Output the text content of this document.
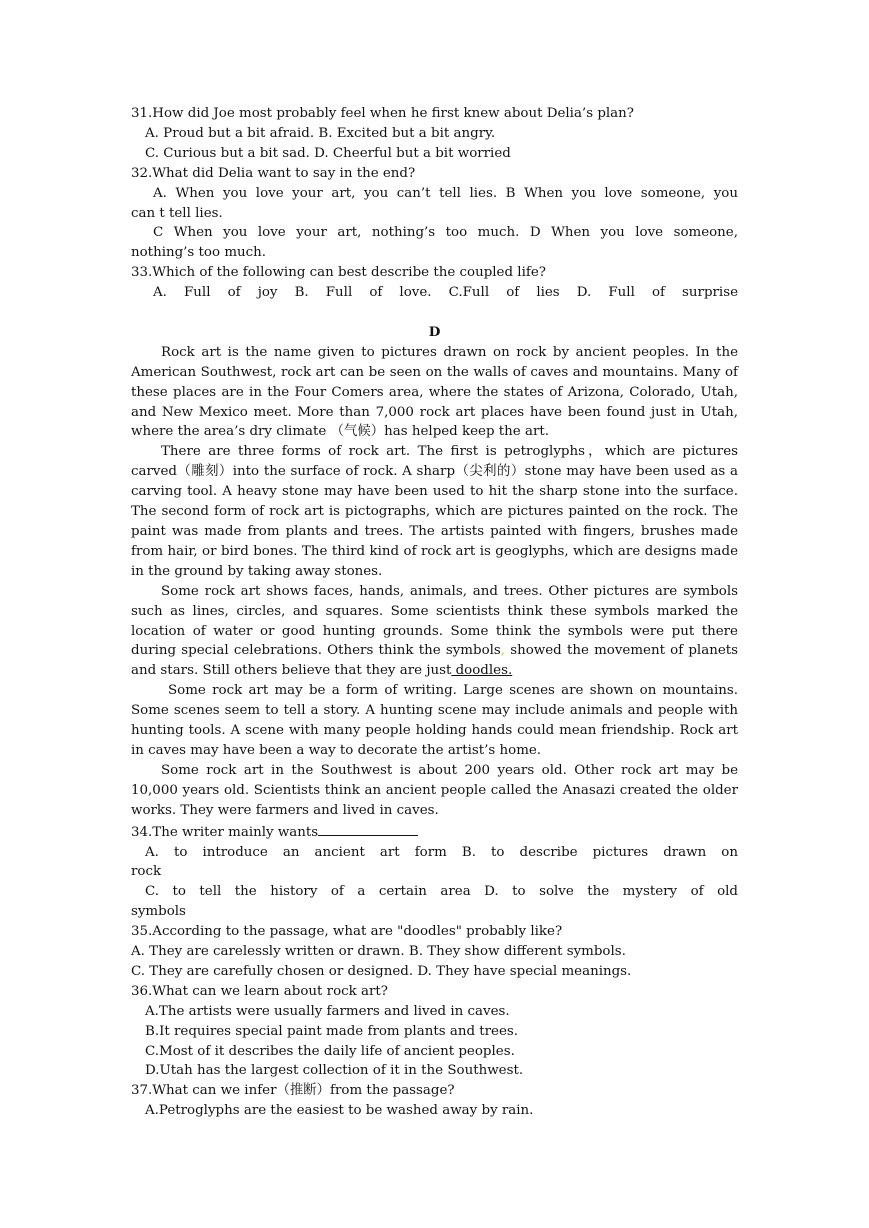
31.How did Joe most probably feel when he first knew about Delia’s plan?
A. Proud but a bit afraid. B. Excited but a bit angry.
C. Curious but a bit sad. D. Cheerful but a bit worried
32.What did Delia want to say in the end?
A. When you love your art, you can’t tell lies. B When you love someone, you
can t tell lies.
C When you love your art, nothing’s too much. D When you love someone,
nothing’s too much.
33.Which of the following can best describe the coupled life?
A. Full of joy B. Full of love. C.Full of lies D. Full of surprise
D
Rock art is the name given to pictures drawn on rock by ancient peoples. In the American Southwest, rock art can be seen on the walls of caves and mountains. Many of these places are in the Four Comers area, where the states of Arizona, Colorado, Utah, and New Mexico meet. More than 7,000 rock art places have been found just in Utah, where the area’s dry climate （气候）has helped keep the art.
There are three forms of rock art. The first is petroglyphs，which are pictures carved（雕刻）into the surface of rock. A sharp（尖利的）stone may have been used as a carving tool. A heavy stone may have been used to hit the sharp stone into the surface. The second form of rock art is pictographs, which are pictures painted on the rock. The paint was made from plants and trees. The artists painted with fingers, brushes made from hair, or bird bones. The third kind of rock art is geoglyphs, which are designs made in the ground by taking away stones.
Some rock art shows faces, hands, animals, and trees. Other pictures are symbols such as lines, circles, and squares. Some scientists think these symbols marked the location of water or good hunting grounds. Some think the symbols were put there during special celebrations. Others think the symbols, showed the movement of planets and stars. Still others believe that they are just doodles.
Some rock art may be a form of writing. Large scenes are shown on mountains. Some scenes seem to tell a story. A hunting scene may include animals and people with hunting tools. A scene with many people holding hands could mean friendship. Rock art in caves may have been a way to decorate the artist’s home.
Some rock art in the Southwest is about 200 years old. Other rock art may be 10,000 years old. Scientists think an ancient people called the Anasazi created the older works. They were farmers and lived in caves.
34.The writer mainly wants
A. to introduce an ancient art form B. to describe pictures drawn on
rock
C. to tell the history of a certain area D. to solve the mystery of old
symbols
35.According to the passage, what are "doodles" probably like?
A. They are carelessly written or drawn. B. They show different symbols.
C. They are carefully chosen or designed. D. They have special meanings.
36.What can we learn about rock art?
A.The artists were usually farmers and lived in caves.
B.It requires special paint made from plants and trees.
C.Most of it describes the daily life of ancient peoples.
D.Utah has the largest collection of it in the Southwest.
37.What can we infer（推断）from the passage?
A.Petroglyphs are the easiest to be washed away by rain.
